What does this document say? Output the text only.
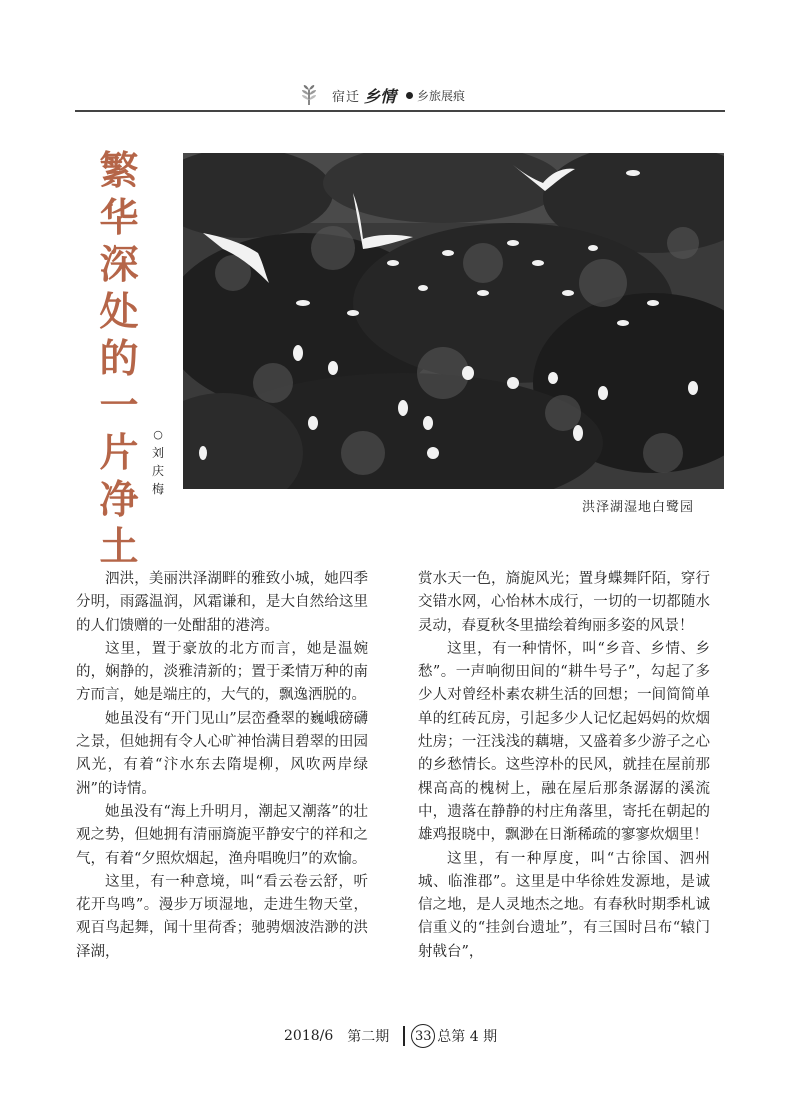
宿迁 乡情 乡旅展痕
繁
华
深
处
的
一
片
净
土
○
刘
庆
梅
洪泽湖湿地白鹭园

泗洪，美丽洪泽湖畔的雅致小城，她四季分明，雨露温润，风霜谦和，是大自然给这里的人们馈赠的一处酣甜的港湾。

这里，置于豪放的北方而言，她是温婉的，娴静的，淡雅清新的；置于柔情万种的南方而言，她是端庄的，大气的，飘逸洒脱的。

她虽没有“开门见山”层峦叠翠的巍峨磅礴之景，但她拥有令人心旷神怡满目碧翠的田园风光，有着“汴水东去隋堤柳，风吹两岸绿洲”的诗情。

她虽没有“海上升明月，潮起又潮落”的壮观之势，但她拥有清丽旖旎平静安宁的祥和之气，有着“夕照炊烟起，渔舟唱晚归”的欢愉。

这里，有一种意境，叫“看云卷云舒，听花开鸟鸣”。漫步万顷湿地，走进生物天堂，观百鸟起舞，闻十里荷香；驰骋烟波浩渺的洪泽湖，

赏水天一色，旖旎风光；置身蝶舞阡陌，穿行交错水网，心怡林木成行，一切的一切都随水灵动，春夏秋冬里描绘着绚丽多姿的风景！

这里，有一种情怀，叫“乡音、乡情、乡愁”。一声响彻田间的“耕牛号子”，勾起了多少人对曾经朴素农耕生活的回想；一间简简单单的红砖瓦房，引起多少人记忆起妈妈的炊烟灶房；一汪浅浅的藕塘，又盛着多少游子之心的乡愁情长。这些淳朴的民风，就挂在屋前那棵高高的槐树上，融在屋后那条潺潺的溪流中，遗落在静静的村庄角落里，寄托在朝起的雄鸡报晓中，飘渺在日渐稀疏的寥寥炊烟里！

这里，有一种厚度，叫“古徐国、泗州城、临淮郡”。这里是中华徐姓发源地，是诚信之地，是人灵地杰之地。有春秋时期季札诚信重义的“挂剑台遗址”，有三国时吕布“辕门射戟台”，

2018/6 第二期 33 总第 4 期
